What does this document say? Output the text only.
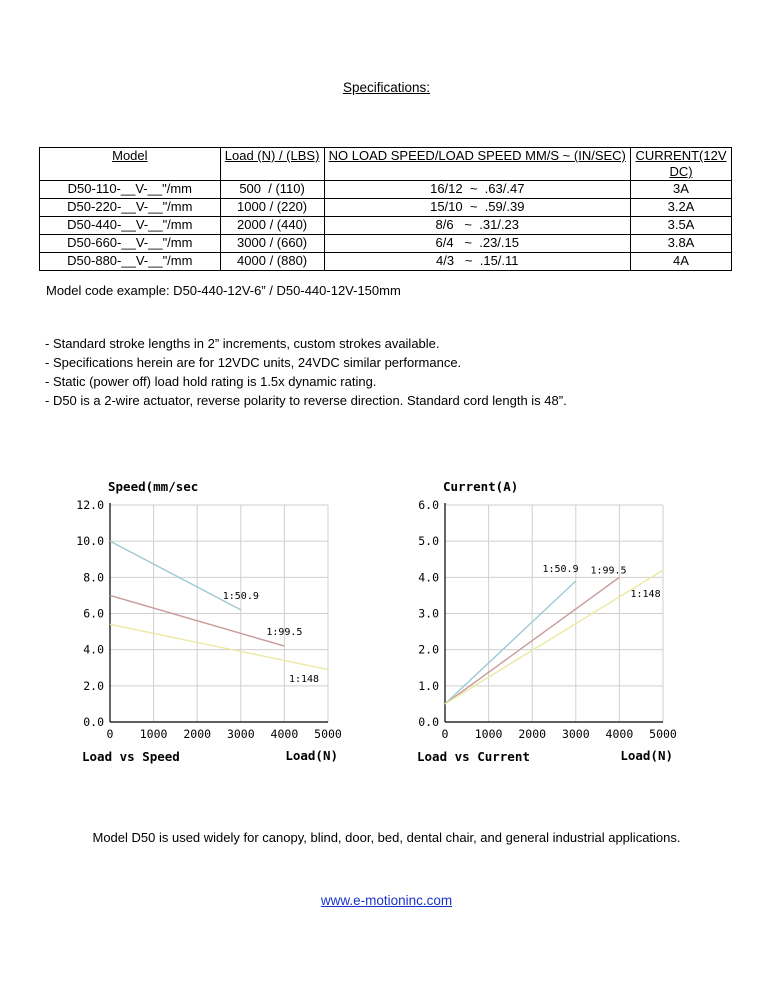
Specifications:
Model	Load (N) / (LBS)	NO LOAD SPEED/LOAD SPEED MM/S ~ (IN/SEC)	CURRENT(12V DC)
D50-110-__V-__"/mm	500  / (110)	16/12  ~  .63/.47	3A
D50-220-__V-__"/mm	1000 / (220)	15/10  ~  .59/.39	3.2A
D50-440-__V-__"/mm	2000 / (440)	8/6   ~  .31/.23	3.5A
D50-660-__V-__"/mm	3000 / (660)	6/4   ~  .23/.15	3.8A
D50-880-__V-__"/mm	4000 / (880)	4/3   ~  .15/.11	4A
Model code example: D50-440-12V-6” / D50-440-12V-150mm
- Standard stroke lengths in 2” increments, custom strokes available.
- Specifications herein are for 12VDC units, 24VDC similar performance.
- Static (power off) load hold rating is 1.5x dynamic rating.
- D50 is a 2-wire actuator, reverse polarity to reverse direction. Standard cord length is 48”.
0 1000 2000 3000 4000 5000
0.0
2.0
4.0
6.0
8.0
10.0
12.0
1:50.9
1:99.5
1:148
Speed(mm/sec
Load(N)
Load vs Speed
0 1000 2000 3000 4000 5000
0.0
1.0
2.0
3.0
4.0
5.0
6.0
1:50.9 1:99.5
1:148
Current(A)
Load(N)
Load vs Current
Model D50 is used widely for canopy, blind, door, bed, dental chair, and general industrial applications.
www.e-motioninc.com
